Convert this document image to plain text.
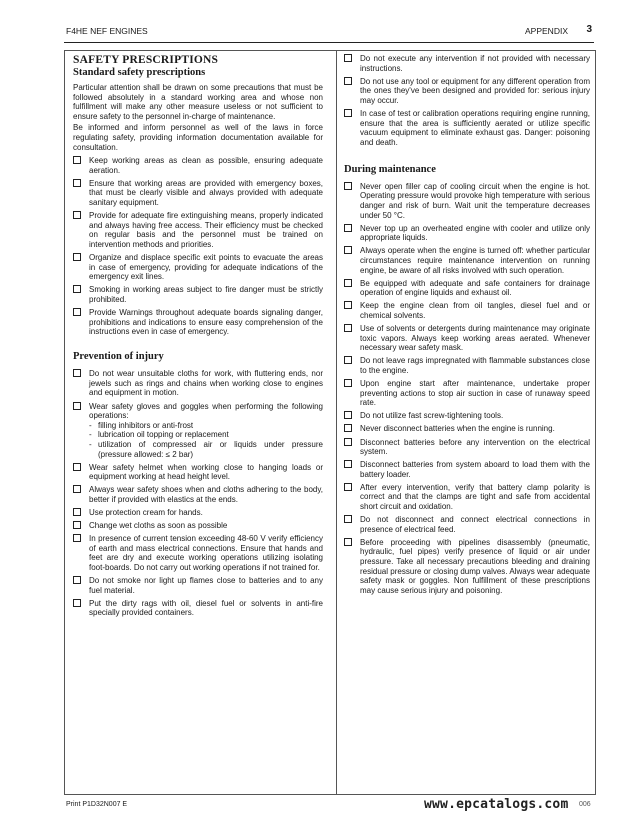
F4HE NEF ENGINES	APPENDIX 3
SAFETY PRESCRIPTIONS
Standard safety prescriptions

Particular attention shall be drawn on some precautions that must be followed absolutely in a standard working area and whose non fulfillment will make any other measure useless or not sufficient to ensure safety to the personnel in-charge of maintenance.

Be informed and inform personnel as well of the laws in force regulating safety, providing information documentation available for consultation.

Keep working areas as clean as possible, ensuring adequate aeration.
Ensure that working areas are provided with emergency boxes, that must be clearly visible and always provided with adequate sanitary equipment.
Provide for adequate fire extinguishing means, properly indicated and always having free access. Their efficiency must be checked on regular basis and the personnel must be trained on intervention methods and priorities.
Organize and displace specific exit points to evacuate the areas in case of emergency, providing for adequate indications of the emergency exit lines.
Smoking in working areas subject to fire danger must be strictly prohibited.
Provide Warnings throughout adequate boards signaling danger, prohibitions and indications to ensure easy comprehension of the instructions even in case of emergency.
Prevention of injury
Do not wear unsuitable cloths for work, with fluttering ends, nor jewels such as rings and chains when working close to engines and equipment in motion.
Wear safety gloves and goggles when performing the following operations:
- filling inhibitors or anti-frost
- lubrication oil topping or replacement
- utilization of compressed air or liquids under pressure (pressure allowed: ≤ 2 bar)
Wear safety helmet when working close to hanging loads or equipment working at head height level.
Always wear safety shoes when and cloths adhering to the body, better if provided with elastics at the ends.
Use protection cream for hands.
Change wet cloths as soon as possible
In presence of current tension exceeding 48-60 V verify efficiency of earth and mass electrical connections. Ensure that hands and feet are dry and execute working operations utilizing isolating foot-boards. Do not carry out working operations if not trained for.
Do not smoke nor light up flames close to batteries and to any fuel material.
Put the dirty rags with oil, diesel fuel or solvents in anti-fire specially provided containers.
Do not execute any intervention if not provided with necessary instructions.
Do not use any tool or equipment for any different operation from the ones they've been designed and provided for: serious injury may occur.
In case of test or calibration operations requiring engine running, ensure that the area is sufficiently aerated or utilize specific vacuum equipment to eliminate exhaust gas. Danger: poisoning and death.
During maintenance
Never open filler cap of cooling circuit when the engine is hot. Operating pressure would provoke high temperature with serious danger and risk of burn. Wait unit the temperature decreases under 50 °C.
Never top up an overheated engine with cooler and utilize only appropriate liquids.
Always operate when the engine is turned off: whether particular circumstances require maintenance intervention on running engine, be aware of all risks involved with such operation.
Be equipped with adequate and safe containers for drainage operation of engine liquids and exhaust oil.
Keep the engine clean from oil tangles, diesel fuel and or chemical solvents.
Use of solvents or detergents during maintenance may originate toxic vapors. Always keep working areas aerated. Whenever necessary wear safety mask.
Do not leave rags impregnated with flammable substances close to the engine.
Upon engine start after maintenance, undertake proper preventing actions to stop air suction in case of runaway speed rate.
Do not utilize fast screw-tightening tools.
Never disconnect batteries when the engine is running.
Disconnect batteries before any intervention on the electrical system.
Disconnect batteries from system aboard to load them with the battery loader.
After every intervention, verify that battery clamp polarity is correct and that the clamps are tight and safe from accidental short circuit and oxidation.
Do not disconnect and connect electrical connections in presence of electrical feed.
Before proceeding with pipelines disassembly (pneumatic, hydraulic, fuel pipes) verify presence of liquid or air under pressure. Take all necessary precautions bleeding and draining residual pressure or closing dump valves. Always wear adequate safety mask or goggles. Non fulfillment of these prescriptions may cause serious injury and poisoning.
Print P1D32N007 E	www.epcatalogs.com 006
